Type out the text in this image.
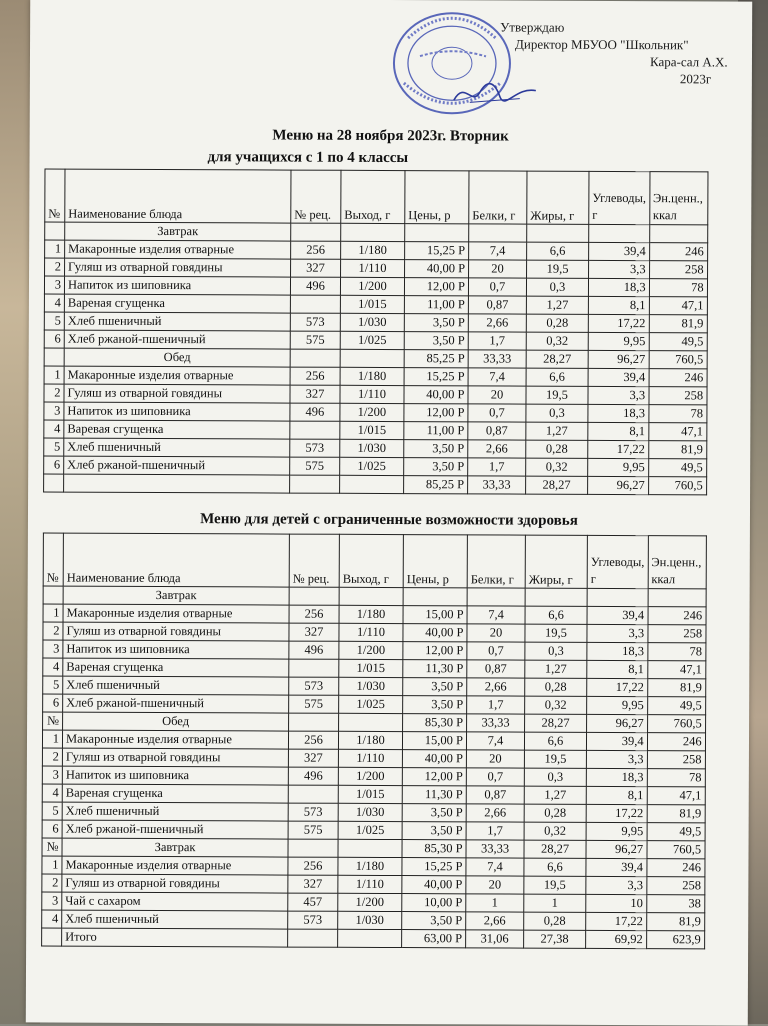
Утверждаю
Директор МБУОО "Школьник"
Кара-сал А.Х.
2023г
Меню на 28 ноября 2023г. Вторник
для учащихся с 1 по 4 классы
№	Наименование блюда	№ рец.	Выход, г	Цены, р	Белки, г	Жиры, г	Углеводы, г	Эн.ценн., ккал
	Завтрак							
1	Макаронные изделия отварные	256	1/180	15,25 Р	7,4	6,6	39,4	246
2	Гуляш из отварной говядины	327	1/110	40,00 Р	20	19,5	3,3	258
3	Напиток из шиповника	496	1/200	12,00 Р	0,7	0,3	18,3	78
4	Вареная сгущенка		1/015	11,00 Р	0,87	1,27	8,1	47,1
5	Хлеб пшеничный	573	1/030	3,50 Р	2,66	0,28	17,22	81,9
6	Хлеб ржаной-пшеничный	575	1/025	3,50 Р	1,7	0,32	9,95	49,5
	Обед			85,25 Р	33,33	28,27	96,27	760,5
1	Макаронные изделия отварные	256	1/180	15,25 Р	7,4	6,6	39,4	246
2	Гуляш из отварной говядины	327	1/110	40,00 Р	20	19,5	3,3	258
3	Напиток из шиповника	496	1/200	12,00 Р	0,7	0,3	18,3	78
4	Варевая сгущенка		1/015	11,00 Р	0,87	1,27	8,1	47,1
5	Хлеб пшеничный	573	1/030	3,50 Р	2,66	0,28	17,22	81,9
6	Хлеб ржаной-пшеничный	575	1/025	3,50 Р	1,7	0,32	9,95	49,5
				85,25 Р	33,33	28,27	96,27	760,5
Меню для детей с ограниченные возможности здоровья
№	Наименование блюда	№ рец.	Выход, г	Цены, р	Белки, г	Жиры, г	Углеводы, г	Эн.ценн., ккал
	Завтрак							
1	Макаронные изделия отварные	256	1/180	15,00 Р	7,4	6,6	39,4	246
2	Гуляш из отварной говядины	327	1/110	40,00 Р	20	19,5	3,3	258
3	Напиток из шиповника	496	1/200	12,00 Р	0,7	0,3	18,3	78
4	Вареная сгущенка		1/015	11,30 Р	0,87	1,27	8,1	47,1
5	Хлеб пшеничный	573	1/030	3,50 Р	2,66	0,28	17,22	81,9
6	Хлеб ржаной-пшеничный	575	1/025	3,50 Р	1,7	0,32	9,95	49,5
№	Обед			85,30 Р	33,33	28,27	96,27	760,5
1	Макаронные изделия отварные	256	1/180	15,00 Р	7,4	6,6	39,4	246
2	Гуляш из отварной говядины	327	1/110	40,00 Р	20	19,5	3,3	258
3	Напиток из шиповника	496	1/200	12,00 Р	0,7	0,3	18,3	78
4	Вареная сгущенка		1/015	11,30 Р	0,87	1,27	8,1	47,1
5	Хлеб пшеничный	573	1/030	3,50 Р	2,66	0,28	17,22	81,9
6	Хлеб ржаной-пшеничный	575	1/025	3,50 Р	1,7	0,32	9,95	49,5
№	Завтрак			85,30 Р	33,33	28,27	96,27	760,5
1	Макаронные изделия отварные	256	1/180	15,25 Р	7,4	6,6	39,4	246
2	Гуляш из отварной говядины	327	1/110	40,00 Р	20	19,5	3,3	258
3	Чай с сахаром	457	1/200	10,00 Р	1	1	10	38
4	Хлеб пшеничный	573	1/030	3,50 Р	2,66	0,28	17,22	81,9
	Итого			63,00 Р	31,06	27,38	69,92	623,9
